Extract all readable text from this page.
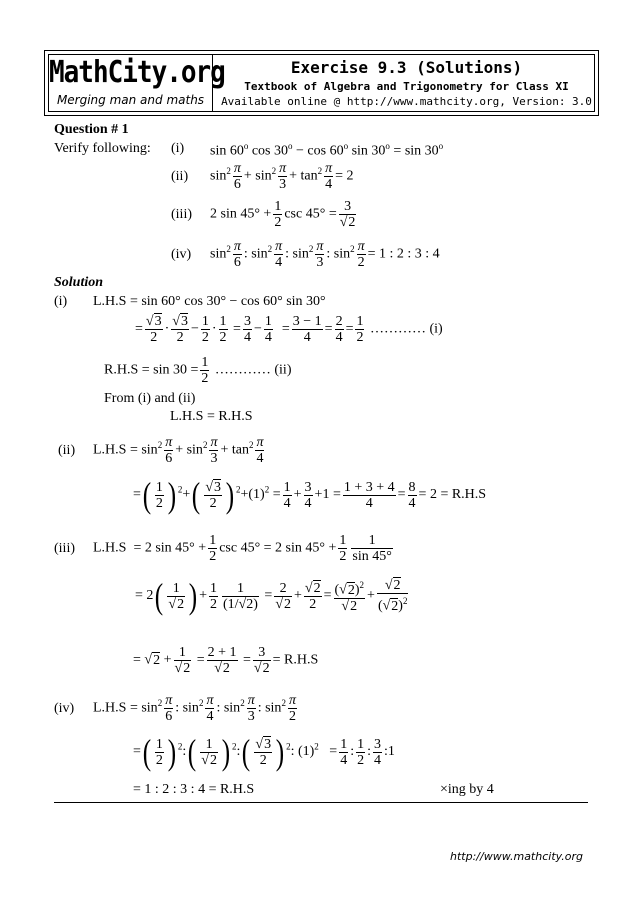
MathCity.org
Merging man and maths
Exercise 9.3 (Solutions)
Textbook of Algebra and Trigonometry for Class XI
Available online @ http://www.mathcity.org, Version: 3.0
Question # 1
Verify following: (i) sin 60$^o$ $\cos 30^o - \cos 60^o$ $\sin 30^o = \sin 30^o$
(ii) $\sin^2 \frac{\pi}{6} + \sin^2 \frac{\pi}{3} + \tan^2 \frac{\pi}{4} = 2$
(iii) 2 $\sin 45^\circ + \frac{1}{2}$ $\csc 45^\circ = \frac{3}{√2}$
(iv) $\sin^2 \frac{\pi}{6}$ : $\sin^2 \frac{\pi}{4}$ : $\sin^2 \frac{\pi}{3}$ : $\sin^2 \frac{\pi}{2} = 1$ : 2 : 3 : 4
Solution
(i) L.H.S = sin 60° cos 30° − cos 60° sin 30°
= $\frac{√3}{2} \cdot \frac{√3}{2} - \frac{1}{2} \cdot \frac{1}{2} = \frac{3}{4} - \frac{1}{4} = \frac{3 - 1}{4} = \frac{2}{4} = \frac{1}{2}$ ………… (i)
$R.H.S = \sin 30 = \frac{1}{2}$ ………… (ii)
From (i) and (ii)
L.H.S = R.H.S
(ii) $L.H.S = \sin^2 \frac{\pi}{6} + \sin^2 \frac{\pi}{3} + \tan^2 \frac{\pi}{4}$
=( $\frac{1}{2}$ ) $^2+( \frac{√3}{2}$ ) $^2+(1)^2 = \frac{1}{4} + \frac{3}{4} +1 = \frac{1 + 3 + 4}{4} = \frac{8}{4} = 2 = R.H.S$
(iii) L.H.S  = 2 $\sin 45^\circ + \frac{1}{2}$ csc 45° = 2 $\sin 45^\circ + \frac{1}{2} \frac{1}{\sin 45^\circ}$
= $2( \frac{1}{√2}$ ) + $\frac{1}{2} \frac{1}{(1/√2)} = \frac{2}{√2} + \frac{√2}{2} = \frac{(√2)^2}{√2} + \frac{√2}{(√2)^2}$
= $√2 + \frac{1}{√2} = \frac{2 + 1}{√2} = \frac{3}{√2} = R.H.S$
(iv) $L.H.S = \sin^2 \frac{\pi}{6}$ : $\sin^2 \frac{\pi}{4}$ : $\sin^2 \frac{\pi}{3}$ : $\sin^2 \frac{\pi}{2}$
=( $\frac{1}{2}$ ) $^2$:( $\frac{1}{√2}$ ) $^2$:( $\frac{√3}{2}$ ) $^2$: $(1)^2 = \frac{1}{4}$ : $\frac{1}{2}$ : $\frac{3}{4}$ :1
= 1 : 2 : 3 : 4 = R.H.S	×ing by 4
http://www.mathcity.org
